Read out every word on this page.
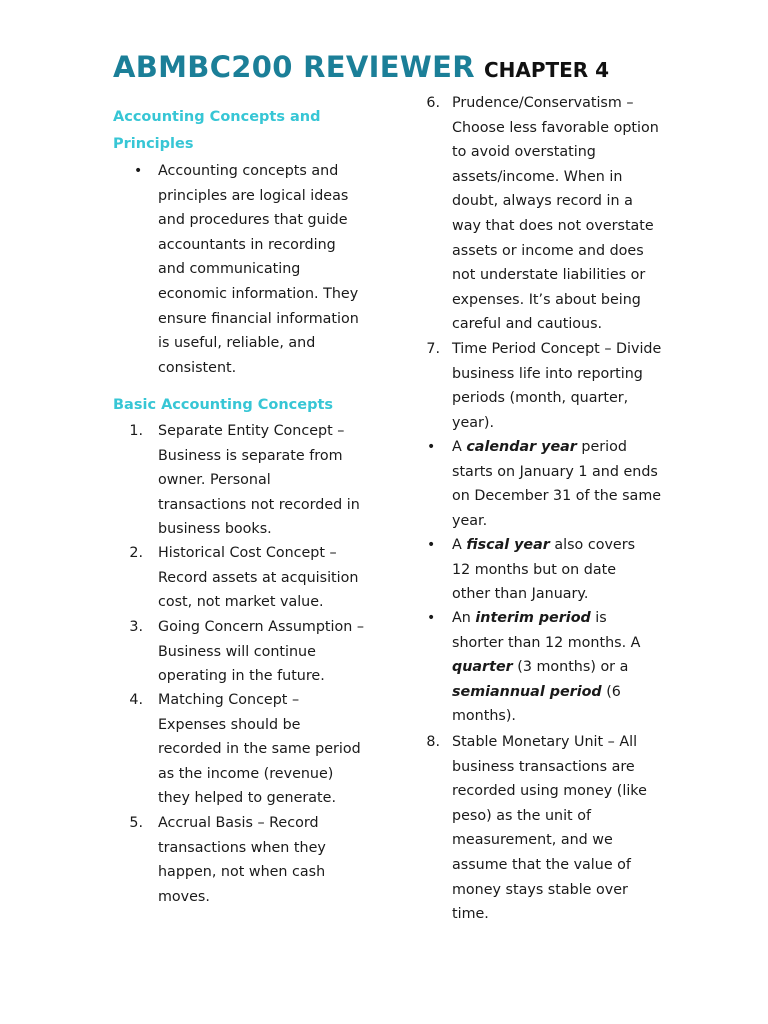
ABMBC200 REVIEWER CHAPTER 4

Accounting Concepts and Principles

• Accounting concepts and principles are logical ideas and procedures that guide accountants in recording and communicating economic information. They ensure financial information is useful, reliable, and consistent.

Basic Accounting Concepts

1. Separate Entity Concept – Business is separate from owner. Personal transactions not recorded in business books.
2. Historical Cost Concept – Record assets at acquisition cost, not market value.
3. Going Concern Assumption – Business will continue operating in the future.
4. Matching Concept – Expenses should be recorded in the same period as the income (revenue) they helped to generate.
5. Accrual Basis – Record transactions when they happen, not when cash moves.
6. Prudence/Conservatism – Choose less favorable option to avoid overstating assets/income. When in doubt, always record in a way that does not overstate assets or income and does not understate liabilities or expenses. It’s about being careful and cautious.
7. Time Period Concept – Divide business life into reporting periods (month, quarter, year).
• A calendar year period starts on January 1 and ends on December 31 of the same year.
• A fiscal year also covers 12 months but on date other than January.
• An interim period is shorter than 12 months. A quarter (3 months) or a semiannual period (6 months).
8. Stable Monetary Unit – All business transactions are recorded using money (like peso) as the unit of measurement, and we assume that the value of money stays stable over time.
